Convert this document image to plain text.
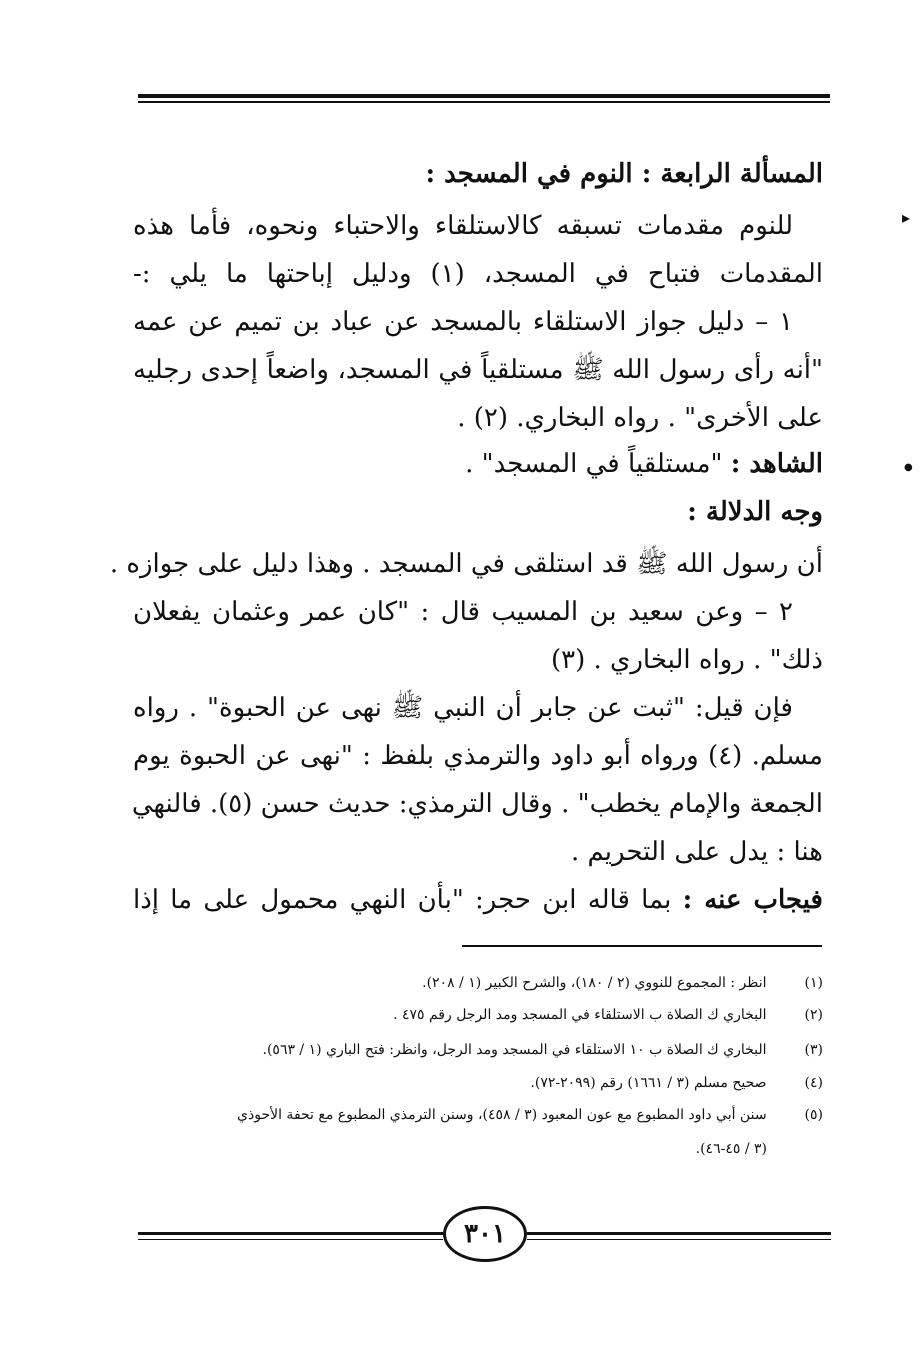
▸
●

المسألة الرابعة : النوم في المسجد :

للنوم مقدمات تسبقه كالاستلقاء والاحتباء ونحوه، فأما هذه

المقدمات فتباح في المسجد، (١) ودليل إباحتها ما يلي :-

١ – دليل جواز الاستلقاء بالمسجد عن عباد بن تميم عن عمه

"أنه رأى رسول الله ﷺ مستلقياً في المسجد، واضعاً إحدى رجليه

على الأخرى" . رواه البخاري. (٢) .

الشاهد : "مستلقياً في المسجد" .

وجه الدلالة :

أن رسول الله ﷺ قد استلقى في المسجد . وهذا دليل على جوازه .

٢ – وعن سعيد بن المسيب قال : "كان عمر وعثمان يفعلان

ذلك" . رواه البخاري . (٣)

فإن قيل: "ثبت عن جابر أن النبي ﷺ نهى عن الحبوة" . رواه

مسلم. (٤) ورواه أبو داود والترمذي بلفظ : "نهى عن الحبوة يوم

الجمعة والإمام يخطب" . وقال الترمذي: حديث حسن (٥). فالنهي

هنا : يدل على التحريم .

فيجاب عنه : بما قاله ابن حجر: "بأن النهي محمول على ما إذا

(١) انظر : المجموع للنووي (٢ / ١٨٠)، والشرح الكبير (١ / ٢٠٨).
(٢) البخاري ك الصلاة ب الاستلقاء في المسجد ومد الرجل رقم ٤٧٥ .
(٣) البخاري ك الصلاة ب ١٠ الاستلقاء في المسجد ومد الرجل، وانظر: فتح الباري (١ / ٥٦٣).
(٤) صحيح مسلم (٣ / ١٦٦١) رقم (٢٠٩٩-٧٢).
(٥) سنن أبي داود المطبوع مع عون المعبود (٣ / ٤٥٨)، وسنن الترمذي المطبوع مع تحفة الأحوذي
(٣ / ٤٥-٤٦).
٣٠١
